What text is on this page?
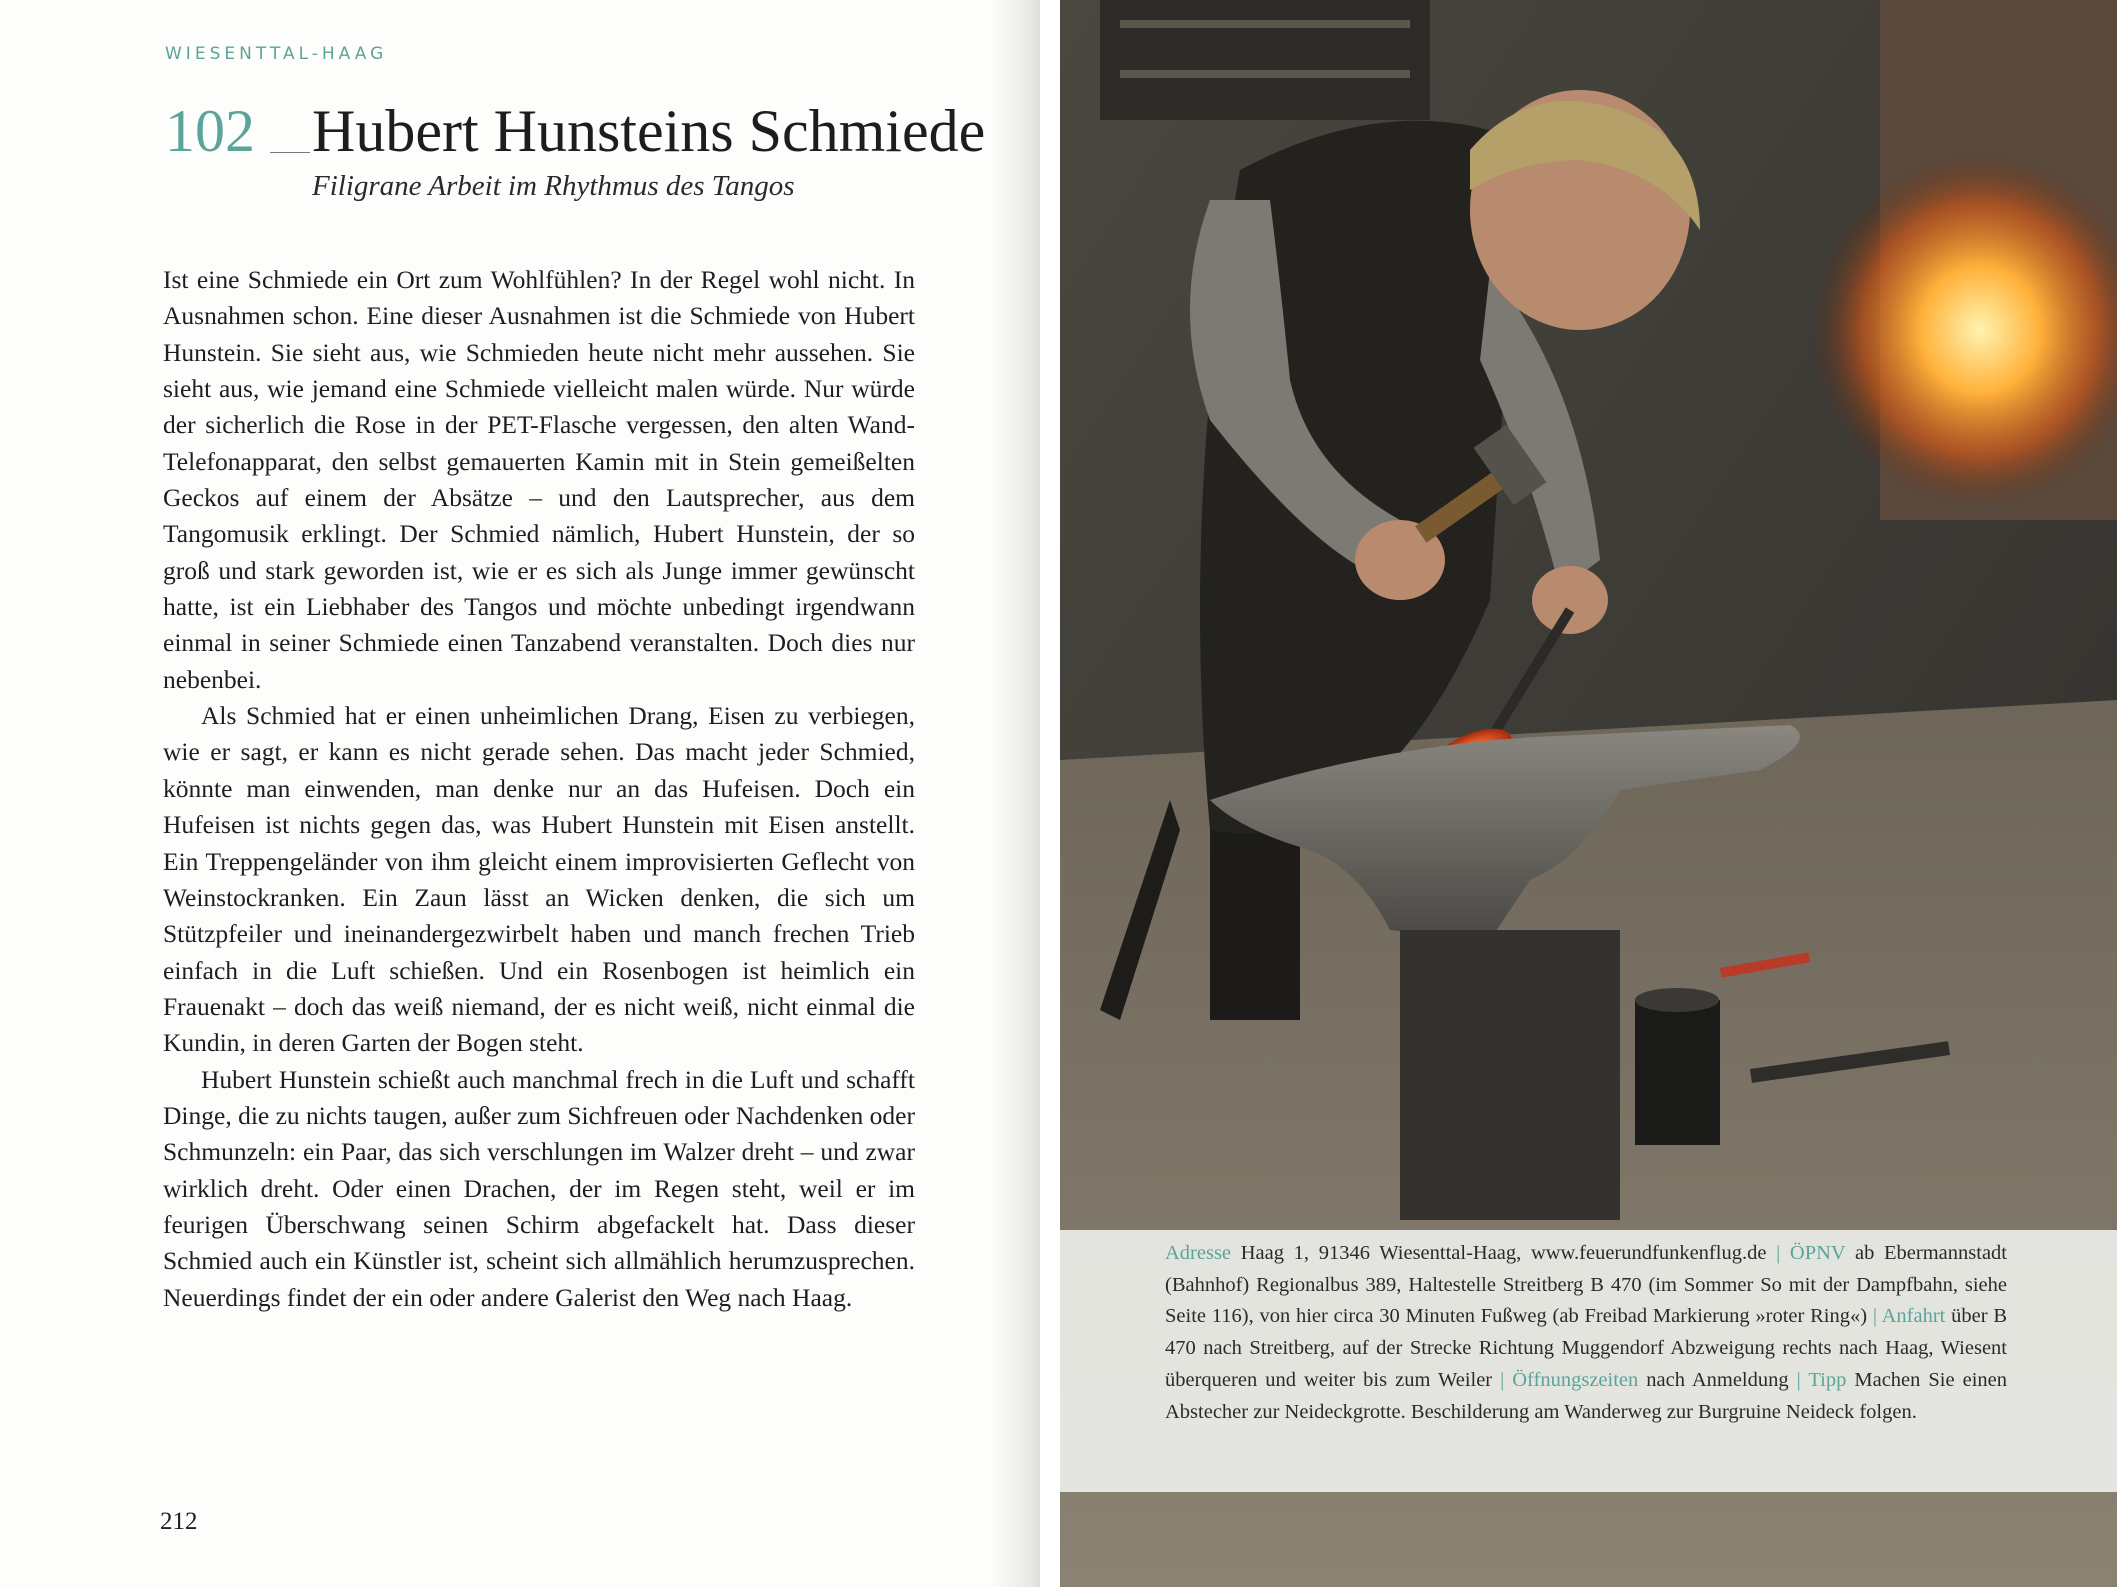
WIESENTTAL-HAAG
102 Hubert Hunsteins Schmiede
Filigrane Arbeit im Rhythmus des Tangos

Ist eine Schmiede ein Ort zum Wohlfühlen? In der Regel wohl nicht. In Ausnahmen schon. Eine dieser Ausnahmen ist die Schmiede von Hubert Hunstein. Sie sieht aus, wie Schmieden heute nicht mehr aussehen. Sie sieht aus, wie jemand eine Schmiede vielleicht malen würde. Nur würde der sicherlich die Rose in der PET-Flasche vergessen, den alten Wand-Telefonapparat, den selbst gemauerten Kamin mit in Stein gemeißelten Geckos auf einem der Absätze – und den Lautsprecher, aus dem Tangomusik erklingt. Der Schmied nämlich, Hubert Hunstein, der so groß und stark geworden ist, wie er es sich als Junge immer gewünscht hatte, ist ein Liebhaber des Tangos und möchte unbedingt irgendwann einmal in seiner Schmiede einen Tanzabend veranstalten. Doch dies nur nebenbei.

Als Schmied hat er einen unheimlichen Drang, Eisen zu verbiegen, wie er sagt, er kann es nicht gerade sehen. Das macht jeder Schmied, könnte man einwenden, man denke nur an das Hufeisen. Doch ein Hufeisen ist nichts gegen das, was Hubert Hunstein mit Eisen anstellt. Ein Treppengeländer von ihm gleicht einem improvisierten Geflecht von Weinstockranken. Ein Zaun lässt an Wicken denken, die sich um Stützpfeiler und ineinandergezwirbelt haben und manch frechen Trieb einfach in die Luft schießen. Und ein Rosenbogen ist heimlich ein Frauenakt – doch das weiß niemand, der es nicht weiß, nicht einmal die Kundin, in deren Garten der Bogen steht.

Hubert Hunstein schießt auch manchmal frech in die Luft und schafft Dinge, die zu nichts taugen, außer zum Sichfreuen oder Nachdenken oder Schmunzeln: ein Paar, das sich verschlungen im Walzer dreht – und zwar wirklich dreht. Oder einen Drachen, der im Regen steht, weil er im feurigen Überschwang seinen Schirm abgefackelt hat. Dass dieser Schmied auch ein Künstler ist, scheint sich allmählich herumzusprechen. Neuerdings findet der ein oder andere Galerist den Weg nach Haag.

212
Adresse Haag 1, 91346 Wiesenttal-Haag, www.feuerundfunkenflug.de | ÖPNV ab Ebermannstadt (Bahnhof) Regionalbus 389, Haltestelle Streitberg B 470 (im Sommer So mit der Dampfbahn, siehe Seite 116), von hier circa 30 Minuten Fußweg (ab Freibad Markierung »roter Ring«) | Anfahrt über B 470 nach Streitberg, auf der Strecke Richtung Muggendorf Abzweigung rechts nach Haag, Wiesent überqueren und weiter bis zum Weiler | Öffnungszeiten nach Anmeldung | Tipp Machen Sie einen Abstecher zur Neideckgrotte. Beschilderung am Wanderweg zur Burgruine Neideck folgen.
